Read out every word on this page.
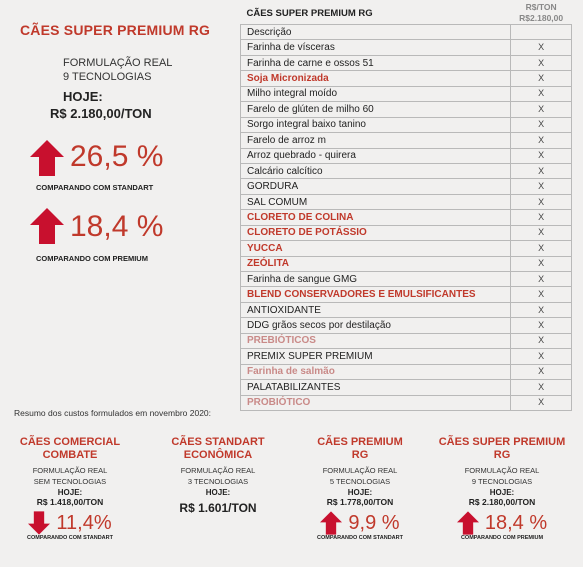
CÃES SUPER PREMIUM RG
FORMULAÇÃO REAL
9 TECNOLOGIAS
HOJE:
R$ 2.180,00/TON
26,5 %
COMPARANDO COM STANDART
18,4 %
COMPARANDO COM PREMIUM
CÃES SUPER PREMIUM RG	R$/TON
R$2.180,00

Descrição	
Farinha de vísceras	X
Farinha de carne e ossos 51	X
Soja Micronizada	X
Milho integral moído	X
Farelo de glúten de milho 60	X
Sorgo integral baixo tanino	X
Farelo de arroz m	X
Arroz quebrado - quirera	X
Calcário calcítico	X
GORDURA	X
SAL COMUM	X
CLORETO DE COLINA	X
CLORETO DE POTÁSSIO	X
YUCCA	X
ZEÓLITA	X
Farinha de sangue GMG	X
BLEND CONSERVADORES E EMULSIFICANTES	X
ANTIOXIDANTE	X
DDG grãos secos por destilação	X
PREBIÓTICOS	X
PREMIX SUPER PREMIUM	X
Farinha de salmão	X
PALATABILIZANTES	X
PROBIÓTICO	X
Resumo dos custos formulados em novembro 2020:
CÃES COMERCIAL
COMBATE
FORMULAÇÃO REAL
SEM TECNOLOGIAS
HOJE:
R$ 1.418,00/TON
11,4%
COMPARANDO COM STANDART
CÃES STANDART
ECONÔMICA
FORMULAÇÃO REAL
3 TECNOLOGIAS
HOJE:
R$ 1.601/TON
CÃES PREMIUM
RG
FORMULAÇÃO REAL
5 TECNOLOGIAS
HOJE:
R$ 1.778,00/TON
9,9 %
COMPARANDO COM STANDART
CÃES SUPER PREMIUM
RG
FORMULAÇÃO REAL
9 TECNOLOGIAS
HOJE:
R$ 2.180,00/TON
18,4 %
COMPARANDO COM PREMIUM
